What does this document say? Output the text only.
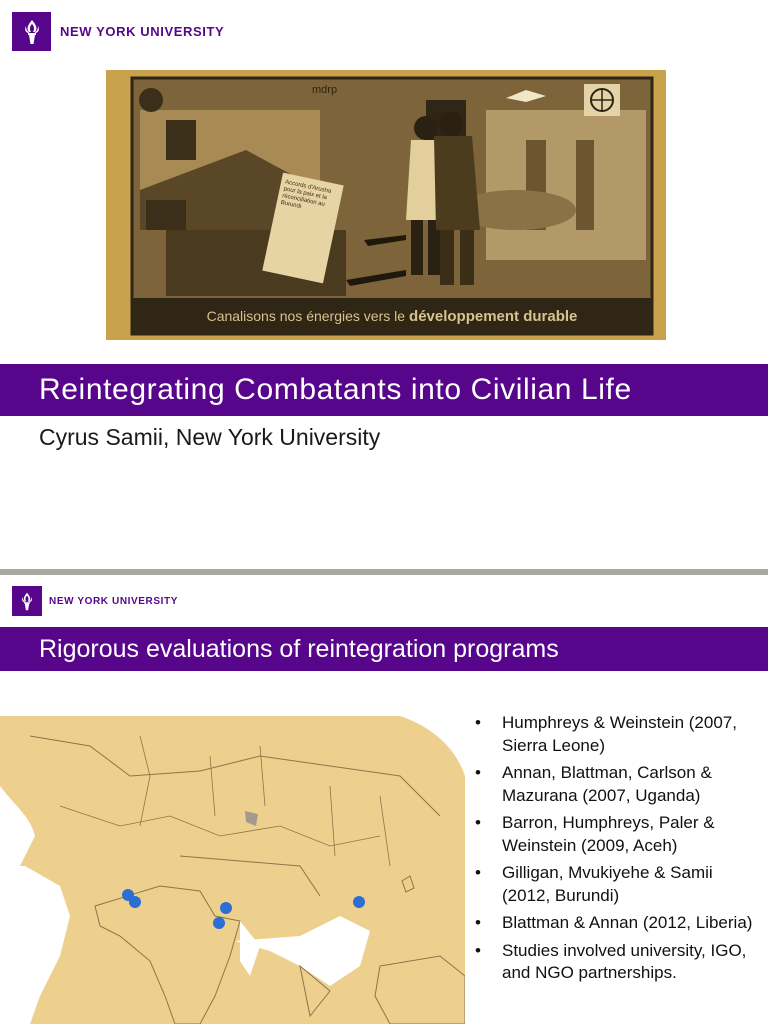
NEW YORK UNIVERSITY
mdrp
Accords d'Arusha pour la paix et la réconciliation au Burundi
Canalisons nos énergies vers le développement durable
Reintegrating Combatants into Civilian Life
Cyrus Samii, New York University
NEW YORK UNIVERSITY
Rigorous evaluations of reintegration programs
• Humphreys & Weinstein (2007, Sierra Leone)
• Annan, Blattman, Carlson & Mazurana (2007, Uganda)
• Barron, Humphreys, Paler & Weinstein (2009, Aceh)
• Gilligan, Mvukiyehe & Samii (2012, Burundi)
• Blattman & Annan (2012, Liberia)
• Studies involved university, IGO, and NGO partnerships.
